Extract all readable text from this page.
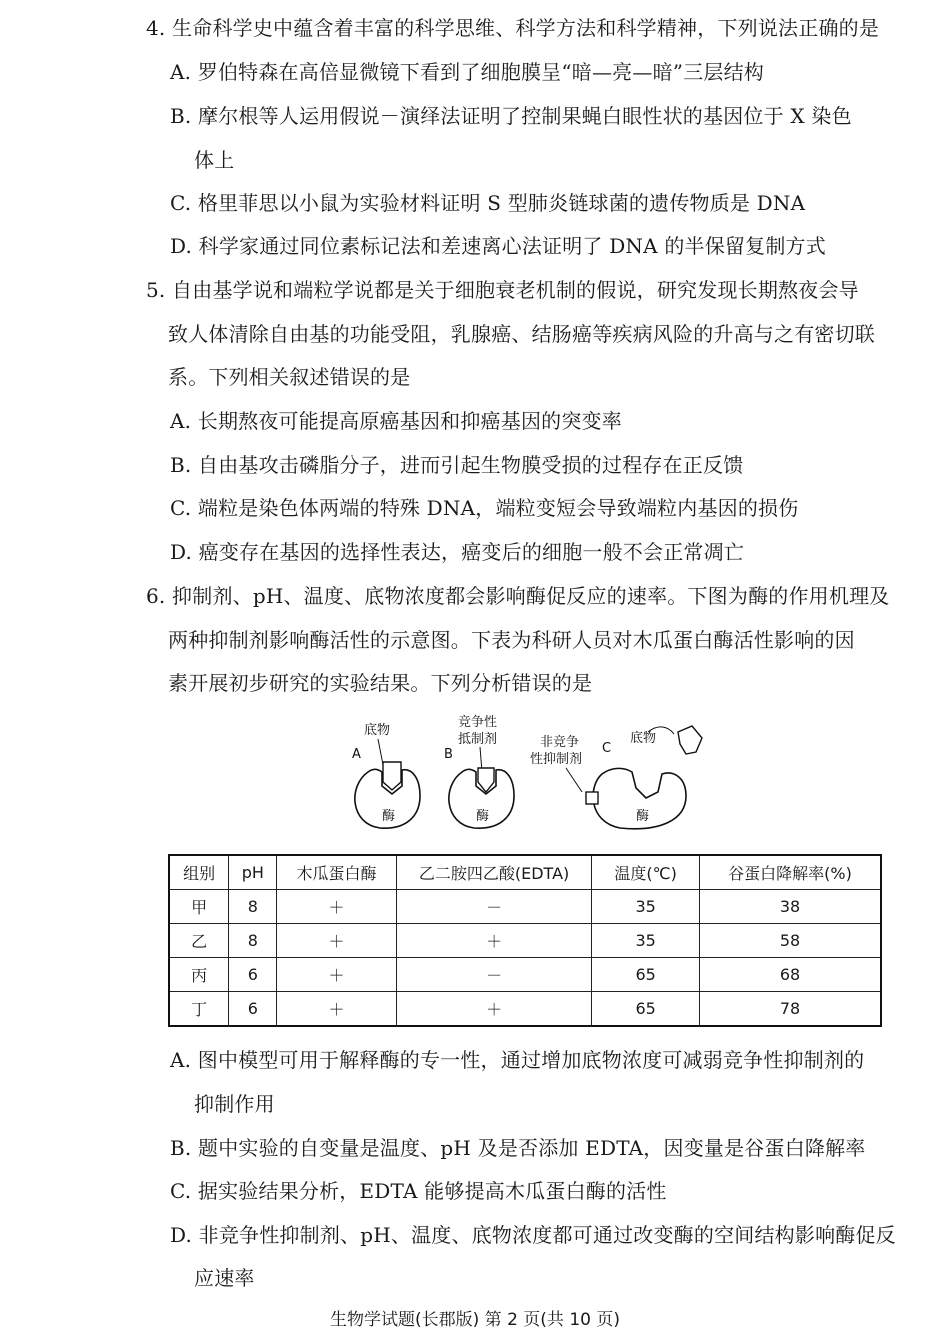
4. 生命科学史中蕴含着丰富的科学思维、科学方法和科学精神，下列说法正确的是
A. 罗伯特森在高倍显微镜下看到了细胞膜呈“暗—亮—暗”三层结构
B. 摩尔根等人运用假说－演绎法证明了控制果蝇白眼性状的基因位于 X 染色
体上
C. 格里菲思以小鼠为实验材料证明 S 型肺炎链球菌的遗传物质是 DNA
D. 科学家通过同位素标记法和差速离心法证明了 DNA 的半保留复制方式
5. 自由基学说和端粒学说都是关于细胞衰老机制的假说，研究发现长期熬夜会导
致人体清除自由基的功能受阻，乳腺癌、结肠癌等疾病风险的升高与之有密切联
系。下列相关叙述错误的是
A. 长期熬夜可能提高原癌基因和抑癌基因的突变率
B. 自由基攻击磷脂分子，进而引起生物膜受损的过程存在正反馈
C. 端粒是染色体两端的特殊 DNA，端粒变短会导致端粒内基因的损伤
D. 癌变存在基因的选择性表达，癌变后的细胞一般不会正常凋亡
6. 抑制剂、pH、温度、底物浓度都会影响酶促反应的速率。下图为酶的作用机理及
两种抑制剂影响酶活性的示意图。下表为科研人员对木瓜蛋白酶活性影响的因
素开展初步研究的实验结果。下列分析错误的是
A
底物
酶
B
竞争性
抵制剂
酶
非竞争
性抑制剂
C
底物
酶
组别	pH	木瓜蛋白酶	乙二胺四乙酸(EDTA)	温度(℃)	谷蛋白降解率(%)
甲	8	＋	－	35	38
乙	8	＋	＋	35	58
丙	6	＋	－	65	68
丁	6	＋	＋	65	78
A. 图中模型可用于解释酶的专一性，通过增加底物浓度可减弱竞争性抑制剂的
抑制作用
B. 题中实验的自变量是温度、pH 及是否添加 EDTA，因变量是谷蛋白降解率
C. 据实验结果分析，EDTA 能够提高木瓜蛋白酶的活性
D. 非竞争性抑制剂、pH、温度、底物浓度都可通过改变酶的空间结构影响酶促反
应速率
生物学试题(长郡版) 第 2 页(共 10 页)
